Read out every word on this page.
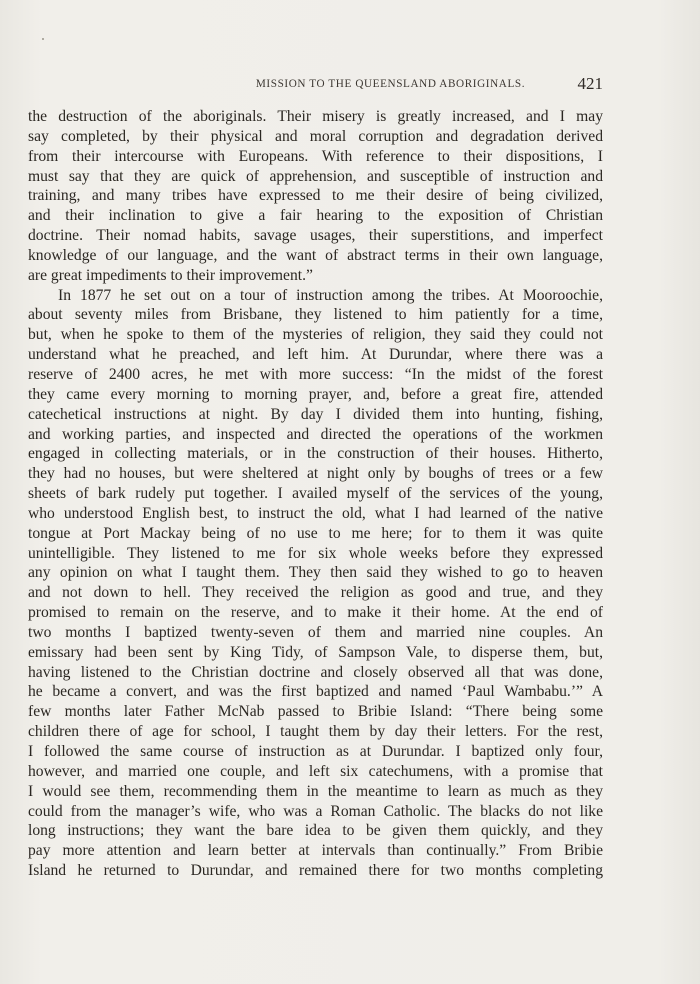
MISSION TO THE QUEENSLAND ABORIGINALS.	421
the destruction of the aboriginals. Their misery is greatly increased, and I may
say completed, by their physical and moral corruption and degradation derived
from their intercourse with Europeans. With reference to their dispositions, I
must say that they are quick of apprehension, and susceptible of instruction and
training, and many tribes have expressed to me their desire of being civilized,
and their inclination to give a fair hearing to the exposition of Christian
doctrine. Their nomad habits, savage usages, their superstitions, and imperfect
knowledge of our language, and the want of abstract terms in their own language,
are great impediments to their improvement.”
In 1877 he set out on a tour of instruction among the tribes. At Mooroochie,
about seventy miles from Brisbane, they listened to him patiently for a time,
but, when he spoke to them of the mysteries of religion, they said they could not
understand what he preached, and left him. At Durundar, where there was a
reserve of 2400 acres, he met with more success: “In the midst of the forest
they came every morning to morning prayer, and, before a great fire, attended
catechetical instructions at night. By day I divided them into hunting, fishing,
and working parties, and inspected and directed the operations of the workmen
engaged in collecting materials, or in the construction of their houses. Hitherto,
they had no houses, but were sheltered at night only by boughs of trees or a few
sheets of bark rudely put together. I availed myself of the services of the young,
who understood English best, to instruct the old, what I had learned of the native
tongue at Port Mackay being of no use to me here; for to them it was quite
unintelligible. They listened to me for six whole weeks before they expressed
any opinion on what I taught them. They then said they wished to go to heaven
and not down to hell. They received the religion as good and true, and they
promised to remain on the reserve, and to make it their home. At the end of
two months I baptized twenty-seven of them and married nine couples. An
emissary had been sent by King Tidy, of Sampson Vale, to disperse them, but,
having listened to the Christian doctrine and closely observed all that was done,
he became a convert, and was the first baptized and named ‘Paul Wambabu.’” A
few months later Father McNab passed to Bribie Island: “There being some
children there of age for school, I taught them by day their letters. For the rest,
I followed the same course of instruction as at Durundar. I baptized only four,
however, and married one couple, and left six catechumens, with a promise that
I would see them, recommending them in the meantime to learn as much as they
could from the manager’s wife, who was a Roman Catholic. The blacks do not like
long instructions; they want the bare idea to be given them quickly, and they
pay more attention and learn better at intervals than continually.” From Bribie
Island he returned to Durundar, and remained there for two months completing
